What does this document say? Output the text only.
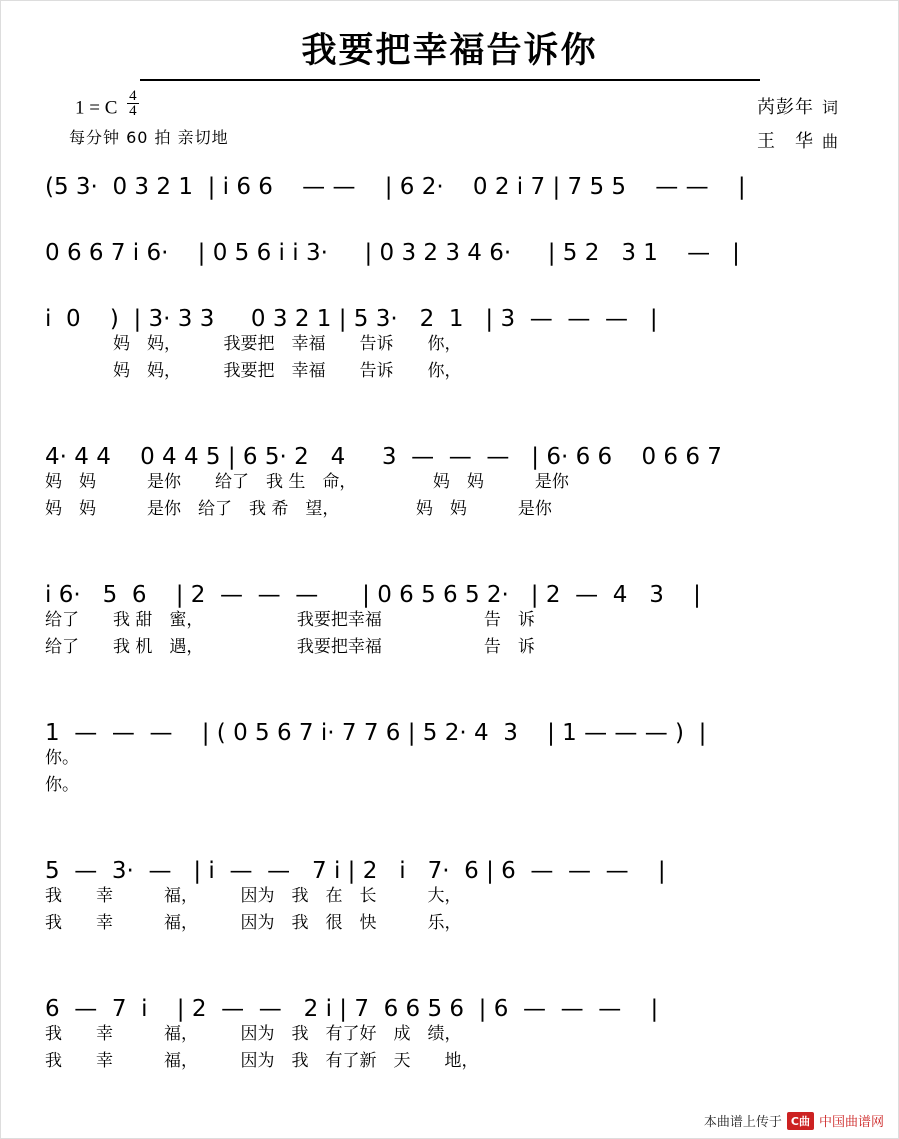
我要把幸福告诉你
1 = C $\frac{4}{4}$
每分钟 60 拍 亲切地
芮彭年 词
王　华 曲
(5 3·  0 3 2 1  | i 6 6    — —    | 6 2·    0 2 i 7 | 7 5 5    — —    |
0 6 6 7 i 6·    | 0 5 6 i i 3·     | 0 3 2 3 4 6·     | 5 2   3 1    —   |
i  0    )  | 3· 3 3     0 3 2 1 | 5 3·   2  1   | 3  —  —  —   |
　　　　妈　妈，　　　我要把　幸福　　告诉　　你，
　　　　妈　妈，　　　我要把　幸福　　告诉　　你，
4· 4 4    0 4 4 5 | 6 5· 2   4     3  —  —  —   | 6· 6 6    0 6 6 7
妈　妈　　　是你　　给了　我 生　命，　　　　　妈　妈　　　是你
妈　妈　　　是你　给了　我 希　望，　　　　　妈　妈　　　是你
i 6·   5  6    | 2  —  —  —      | 0 6 5 6 5 2·   | 2  —  4   3    |
给了　　我 甜　蜜，　　　　　　我要把幸福　　　　　　告　诉
给了　　我 机　遇，　　　　　　我要把幸福　　　　　　告　诉
1  —  —  —    | ( 0 5 6 7 i· 7 7 6 | 5 2· 4  3    | 1 — — — )  |
你。
你。
5  —  3·  —   | i  —  —   7 i | 2   i   7·  6 | 6  —  —  —    |
我　　幸　　　福，　　　因为　我　在　长　　　大，
我　　幸　　　福，　　　因为　我　很　快　　　乐，
6  —  7  i    | 2  —  —   2 i | 7  6 6 5 6  | 6  —  —  —    |
我　　幸　　　福，　　　因为　我　有了好　成　绩，
我　　幸　　　福，　　　因为　我　有了新　天　　地，
本曲谱上传于 C曲 中国曲谱网
